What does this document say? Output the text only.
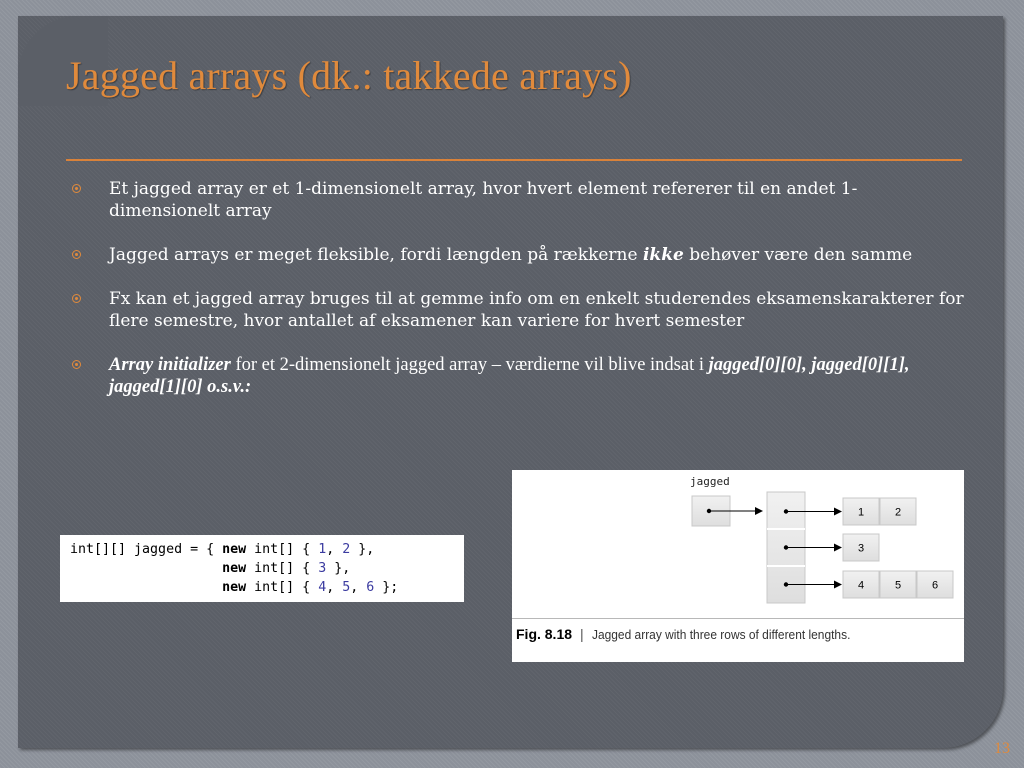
Jagged arrays (dk.: takkede arrays)
Et jagged array er et 1-dimensionelt array, hvor hvert element refererer til en andet 1-dimensionelt array
Jagged arrays er meget fleksible, fordi længden på rækkerne ikke behøver være den samme
Fx kan et jagged array bruges til at gemme info om en enkelt studerendes eksamenskarakterer for flere semestre, hvor antallet af eksamener kan variere for hvert semester
Array initializer for et 2-dimensionelt jagged array – værdierne vil blive indsat i jagged[0][0], jagged[0][1], jagged[1][0] o.s.v.:
int[][] jagged = { new int[] { 1, 2 },
new int[] { 3 },
new int[] { 4, 5, 6 };
jagged
1	2
3
4	5	6
Fig. 8.18 | Jagged array with three rows of different lengths.
13
